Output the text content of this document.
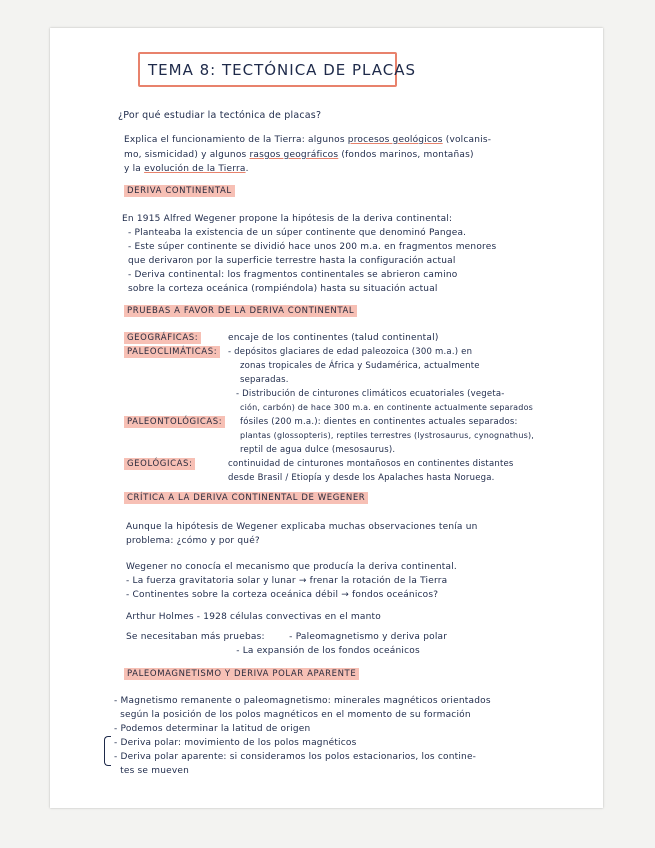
TEMA 8: TECTÓNICA DE PLACAS
¿Por qué estudiar la tectónica de placas?
Explica el funcionamiento de la Tierra: algunos procesos geológicos (volcanis-
mo, sismicidad) y algunos rasgos geográficos (fondos marinos, montañas)
y la evolución de la Tierra.
DERIVA CONTINENTAL
En 1915 Alfred Wegener propone la hipótesis de la deriva continental:
- Planteaba la existencia de un súper continente que denominó Pangea.
- Este súper continente se dividió hace unos 200 m.a. en fragmentos menores
que derivaron por la superficie terrestre hasta la configuración actual
- Deriva continental: los fragmentos continentales se abrieron camino
sobre la corteza oceánica (rompiéndola) hasta su situación actual
PRUEBAS A FAVOR DE LA DERIVA CONTINENTAL
GEOGRÁFICAS:	encaje de los continentes (talud continental)
PALEOCLIMÁTICAS:	- depósitos glaciares de edad paleozoica (300 m.a.) en
zonas tropicales de África y Sudamérica, actualmente
separadas.
- Distribución de cinturones climáticos ecuatoriales (vegeta-
ción, carbón) de hace 300 m.a. en continente actualmente separados
PALEONTOLÓGICAS:	fósiles (200 m.a.): dientes en continentes actuales separados:
plantas (glossopteris), reptiles terrestres (lystrosaurus, cynognathus),
reptil de agua dulce (mesosaurus).
GEOLÓGICAS:	continuidad de cinturones montañosos en continentes distantes
desde Brasil / Etiopía y desde los Apalaches hasta Noruega.
CRÍTICA A LA DERIVA CONTINENTAL DE WEGENER
Aunque la hipótesis de Wegener explicaba muchas observaciones tenía un
problema: ¿cómo y por qué?
Wegener no conocía el mecanismo que producía la deriva continental.
- La fuerza gravitatoria solar y lunar → frenar la rotación de la Tierra
- Continentes sobre la corteza oceánica débil → fondos oceánicos?
Arthur Holmes - 1928 células convectivas en el manto
Se necesitaban más pruebas:        - Paleomagnetismo y deriva polar
- La expansión de los fondos oceánicos
PALEOMAGNETISMO Y DERIVA POLAR APARENTE
- Magnetismo remanente o paleomagnetismo: minerales magnéticos orientados
según la posición de los polos magnéticos en el momento de su formación
- Podemos determinar la latitud de origen
- Deriva polar: movimiento de los polos magnéticos
- Deriva polar aparente: si consideramos los polos estacionarios, los contine-
tes se mueven
